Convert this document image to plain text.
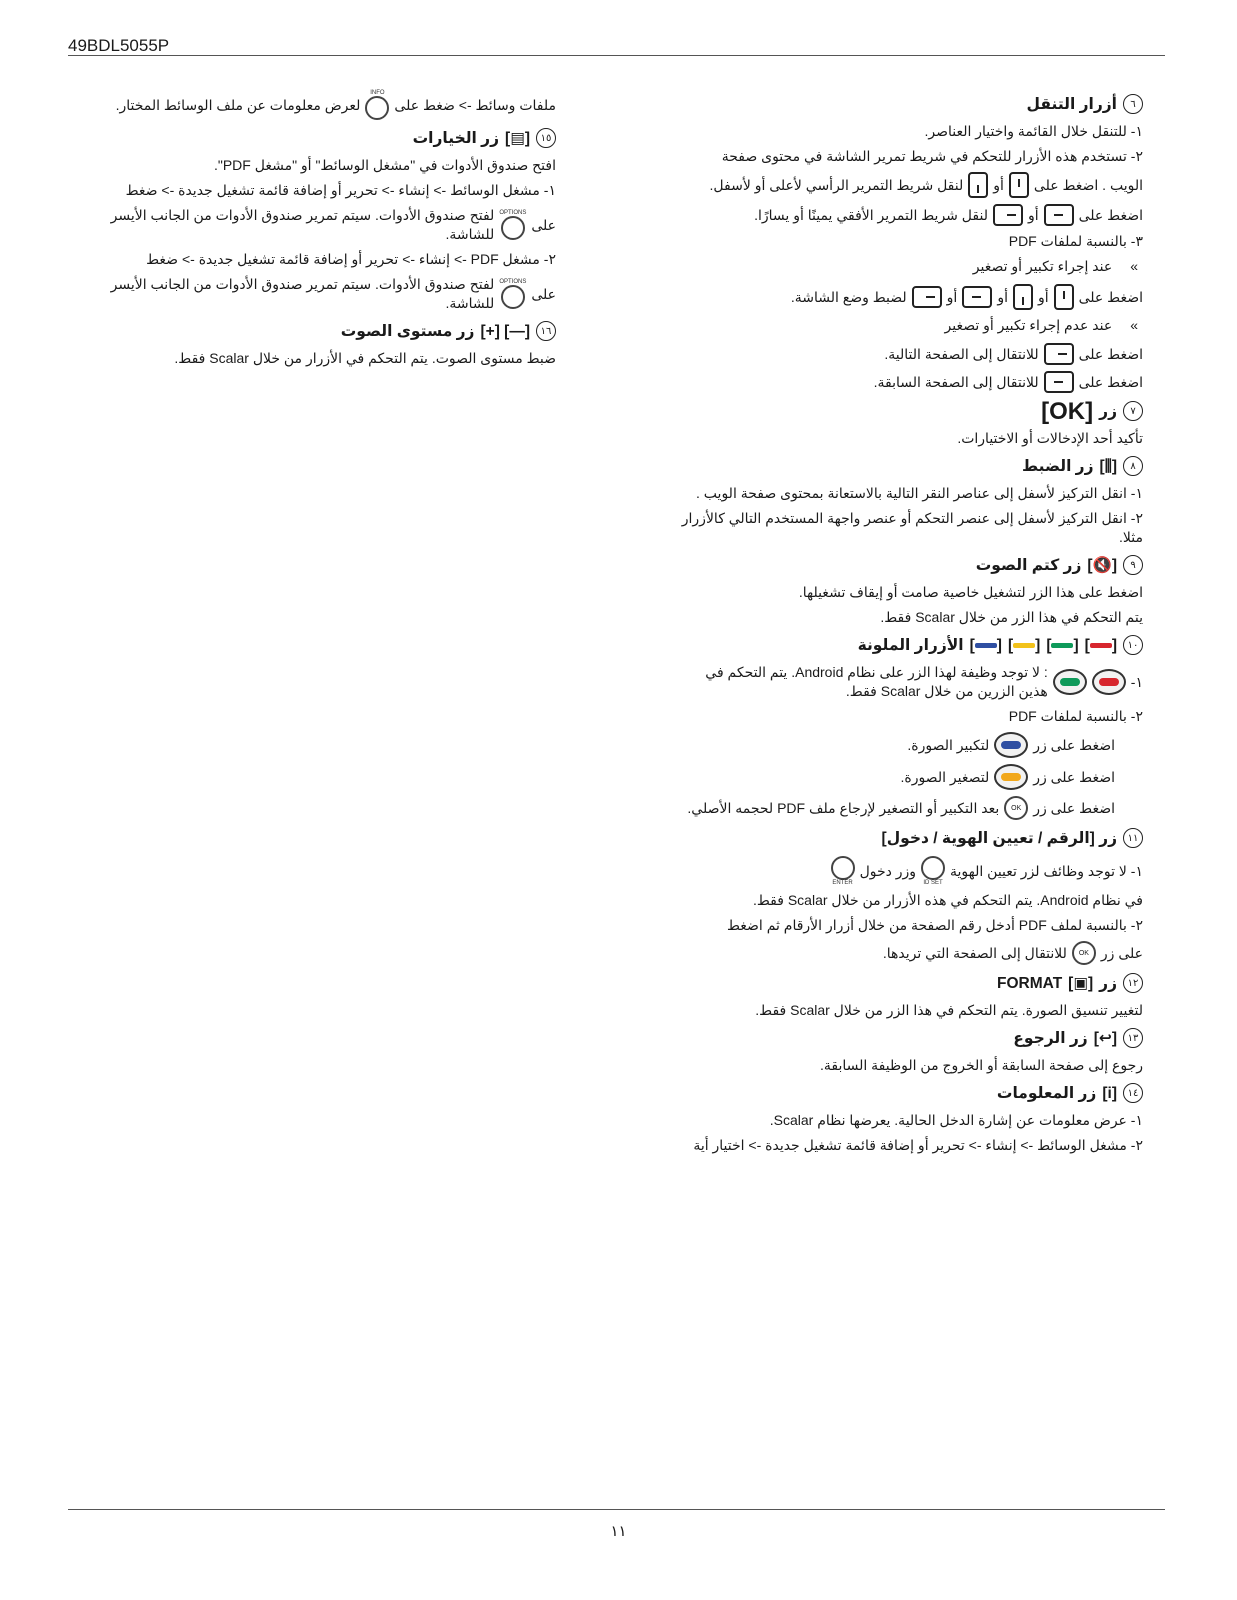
49BDL5055P
٦
أزرار التنقل
١- للتنقل خلال القائمة واختيار العناصر.
٢- تستخدم هذه الأزرار للتحكم في شريط تمرير الشاشة في محتوى صفحة
الويب . اضغط على
أو
لنقل شريط التمرير الرأسي لأعلى أو لأسفل.
اضغط على
أو
لنقل شريط التمرير الأفقي يمينًا أو يسارًا.
٣- بالنسبة لملفات PDF
»
عند إجراء تكبير أو تصغير
اضغط على
أو
أو
أو
لضبط وضع الشاشة.
»
عند عدم إجراء تكبير أو تصغير
اضغط على
للانتقال إلى الصفحة التالية.
اضغط على
للانتقال إلى الصفحة السابقة.
٧
زر
[OK]
تأكيد أحد الإدخالات أو الاختيارات.
٨
[⫼]
زر الضبط
١- انقل التركيز لأسفل إلى عناصر النقر التالية بالاستعانة بمحتوى صفحة الويب .
٢- انقل التركيز لأسفل إلى عنصر التحكم أو عنصر واجهة المستخدم التالي كالأزرار مثلا.
٩
[🔇]
زر كتم الصوت
اضغط على هذا الزر لتشغيل خاصية صامت أو إيقاف تشغيلها.
يتم التحكم في هذا الزر من خلال Scalar فقط.
١٠
[]
[]
[]
[]
الأزرار الملونة
١-
: لا توجد وظيفة لهذا الزر على نظام Android. يتم التحكم في هذين الزرين من خلال Scalar فقط.
٢- بالنسبة لملفات PDF
اضغط على زر
لتكبير الصورة.
اضغط على زر
لتصغير الصورة.
اضغط على زر
OK
بعد التكبير أو التصغير لإرجاع ملف PDF لحجمه الأصلي.
١١
زر [الرقم / تعيين الهوية / دخول]
١- لا توجد وظائف لزر تعيين الهوية
ID SET
وزر دخول
ENTER
في نظام Android. يتم التحكم في هذه الأزرار من خلال Scalar فقط.
٢- بالنسبة لملف PDF أدخل رقم الصفحة من خلال أزرار الأرقام ثم اضغط
على زر
OK
للانتقال إلى الصفحة التي تريدها.
١٢
زر
[▣]
FORMAT
لتغيير تنسيق الصورة. يتم التحكم في هذا الزر من خلال Scalar فقط.
١٣
[↩]
زر الرجوع
رجوع إلى صفحة السابقة أو الخروج من الوظيفة السابقة.
١٤
[i]
زر المعلومات
١- عرض معلومات عن إشارة الدخل الحالية. يعرضها نظام Scalar.
٢- مشغل الوسائط -> إنشاء -> تحرير أو إضافة قائمة تشغيل جديدة -> اختيار أية
ملفات وسائط -> ضغط على
INFO
لعرض معلومات عن ملف الوسائط المختار.
١٥
[▤]
زر الخيارات
افتح صندوق الأدوات في "مشغل الوسائط" أو "مشغل PDF".
١- مشغل الوسائط -> إنشاء -> تحرير أو إضافة قائمة تشغيل جديدة -> ضغط
على
OPTIONS
لفتح صندوق الأدوات. سيتم تمرير صندوق الأدوات من الجانب الأيسر للشاشة.
٢- مشغل PDF -> إنشاء -> تحرير أو إضافة قائمة تشغيل جديدة -> ضغط
على
OPTIONS
لفتح صندوق الأدوات. سيتم تمرير صندوق الأدوات من الجانب الأيسر للشاشة.
١٦
[—] [+]
زر مستوى الصوت
ضبط مستوى الصوت. يتم التحكم في الأزرار من خلال Scalar فقط.
١١
